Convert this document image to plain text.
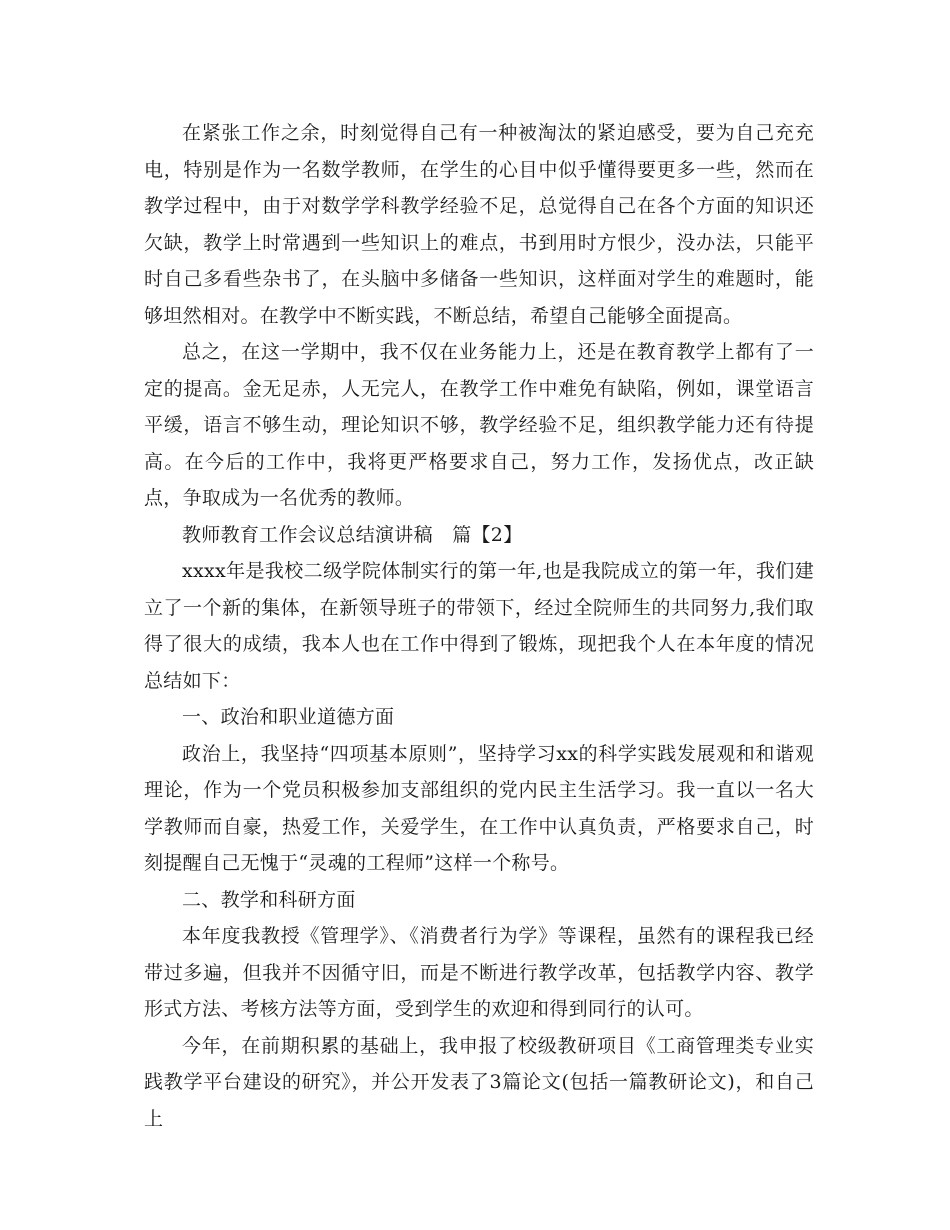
在紧张工作之余，时刻觉得自己有一种被淘汰的紧迫感受，要为自己充充电，特别是作为一名数学教师，在学生的心目中似乎懂得要更多一些，然而在教学过程中，由于对数学学科教学经验不足，总觉得自己在各个方面的知识还欠缺，教学上时常遇到一些知识上的难点，书到用时方恨少，没办法，只能平时自己多看些杂书了，在头脑中多储备一些知识，这样面对学生的难题时，能够坦然相对。在教学中不断实践，不断总结，希望自己能够全面提高。

总之，在这一学期中，我不仅在业务能力上，还是在教育教学上都有了一定的提高。金无足赤，人无完人，在教学工作中难免有缺陷，例如，课堂语言平缓，语言不够生动，理论知识不够，教学经验不足，组织教学能力还有待提高。在今后的工作中，我将更严格要求自己，努力工作，发扬优点，改正缺点，争取成为一名优秀的教师。

教师教育工作会议总结演讲稿　篇【2】

xxxx年是我校二级学院体制实行的第一年,也是我院成立的第一年，我们建立了一个新的集体，在新领导班子的带领下，经过全院师生的共同努力,我们取得了很大的成绩，我本人也在工作中得到了锻炼，现把我个人在本年度的情况总结如下：

一、政治和职业道德方面

政治上，我坚持“四项基本原则”，坚持学习xx的科学实践发展观和和谐观理论，作为一个党员积极参加支部组织的党内民主生活学习。我一直以一名大学教师而自豪，热爱工作，关爱学生，在工作中认真负责，严格要求自己，时刻提醒自己无愧于“灵魂的工程师”这样一个称号。

二、教学和科研方面

本年度我教授《管理学》、《消费者行为学》等课程，虽然有的课程我已经带过多遍，但我并不因循守旧，而是不断进行教学改革，包括教学内容、教学形式方法、考核方法等方面，受到学生的欢迎和得到同行的认可。

今年，在前期积累的基础上，我申报了校级教研项目《工商管理类专业实践教学平台建设的研究》，并公开发表了3篇论文(包括一篇教研论文)，和自己上
